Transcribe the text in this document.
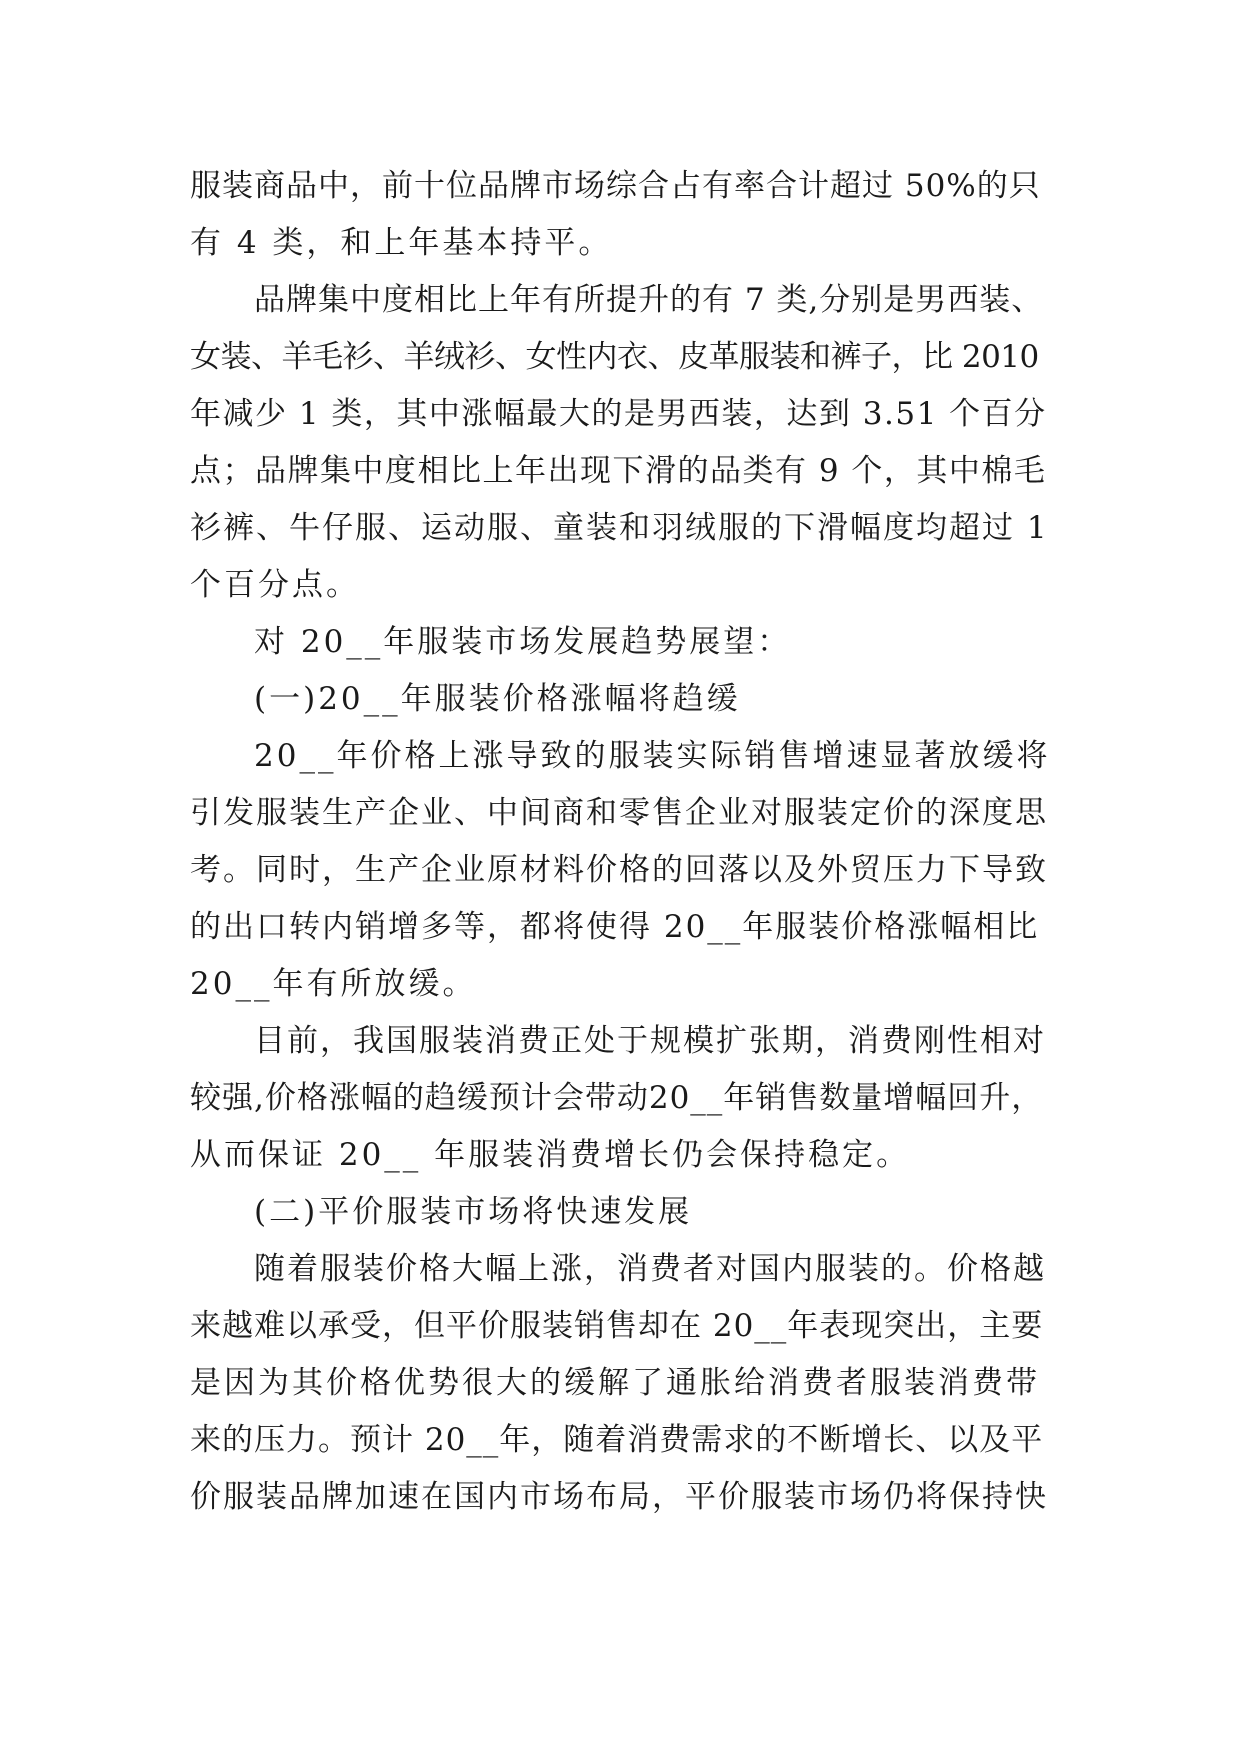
服装商品中，前十位品牌市场综合占有率合计超过 50%的只
有 4 类，和上年基本持平。
品牌集中度相比上年有所提升的有 7 类,分别是男西装、
女装、羊毛衫、羊绒衫、女性内衣、皮革服装和裤子，比 2010
年减少 1 类，其中涨幅最大的是男西装，达到 3.51 个百分
点；品牌集中度相比上年出现下滑的品类有 9 个，其中棉毛
衫裤、牛仔服、运动服、童装和羽绒服的下滑幅度均超过 1
个百分点。
对 20__年服装市场发展趋势展望：
(一)20__年服装价格涨幅将趋缓
20__年价格上涨导致的服装实际销售增速显著放缓将
引发服装生产企业、中间商和零售企业对服装定价的深度思
考。同时，生产企业原材料价格的回落以及外贸压力下导致
的出口转内销增多等，都将使得 20__年服装价格涨幅相比
20__年有所放缓。
目前，我国服装消费正处于规模扩张期，消费刚性相对
较强,价格涨幅的趋缓预计会带动20__年销售数量增幅回升，
从而保证 20__ 年服装消费增长仍会保持稳定。
(二)平价服装市场将快速发展
随着服装价格大幅上涨，消费者对国内服装的。价格越
来越难以承受，但平价服装销售却在 20__年表现突出，主要
是因为其价格优势很大的缓解了通胀给消费者服装消费带
来的压力。预计 20__年，随着消费需求的不断增长、以及平
价服装品牌加速在国内市场布局，平价服装市场仍将保持快
